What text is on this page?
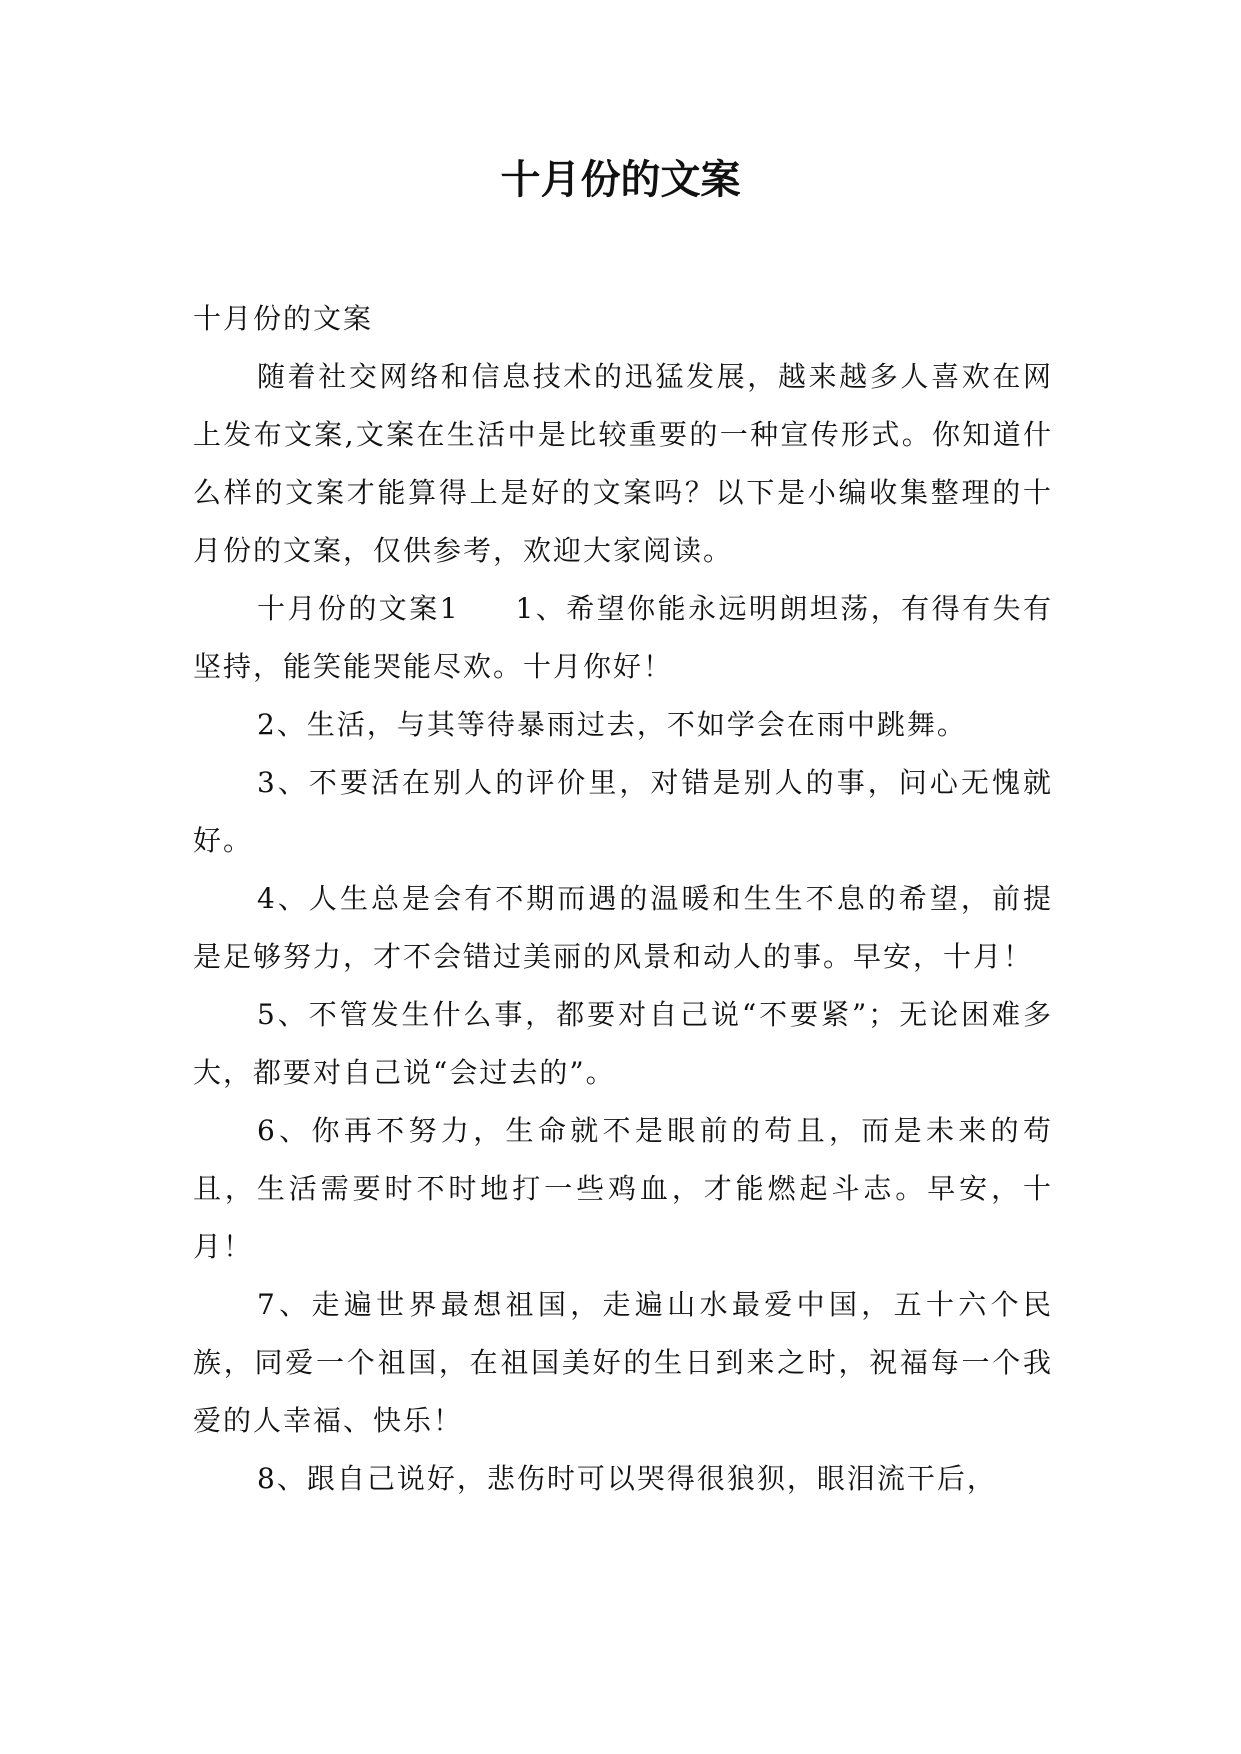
十月份的文案

十月份的文案

随着社交网络和信息技术的迅猛发展，越来越多人喜欢在网上发布文案,文案在生活中是比较重要的一种宣传形式。你知道什么样的文案才能算得上是好的文案吗？以下是小编收集整理的十月份的文案，仅供参考，欢迎大家阅读。

十月份的文案1 1、希望你能永远明朗坦荡，有得有失有坚持，能笑能哭能尽欢。十月你好！

2、生活，与其等待暴雨过去，不如学会在雨中跳舞。

3、不要活在别人的评价里，对错是别人的事，问心无愧就好。

4、人生总是会有不期而遇的温暖和生生不息的希望，前提是足够努力，才不会错过美丽的风景和动人的事。早安，十月！

5、不管发生什么事，都要对自己说“不要紧”；无论困难多大，都要对自己说“会过去的”。

6、你再不努力，生命就不是眼前的苟且，而是未来的苟且，生活需要时不时地打一些鸡血，才能燃起斗志。早安，十月！

7、走遍世界最想祖国，走遍山水最爱中国，五十六个民族，同爱一个祖国，在祖国美好的生日到来之时，祝福每一个我爱的人幸福、快乐！

8、跟自己说好，悲伤时可以哭得很狼狈，眼泪流干后，
